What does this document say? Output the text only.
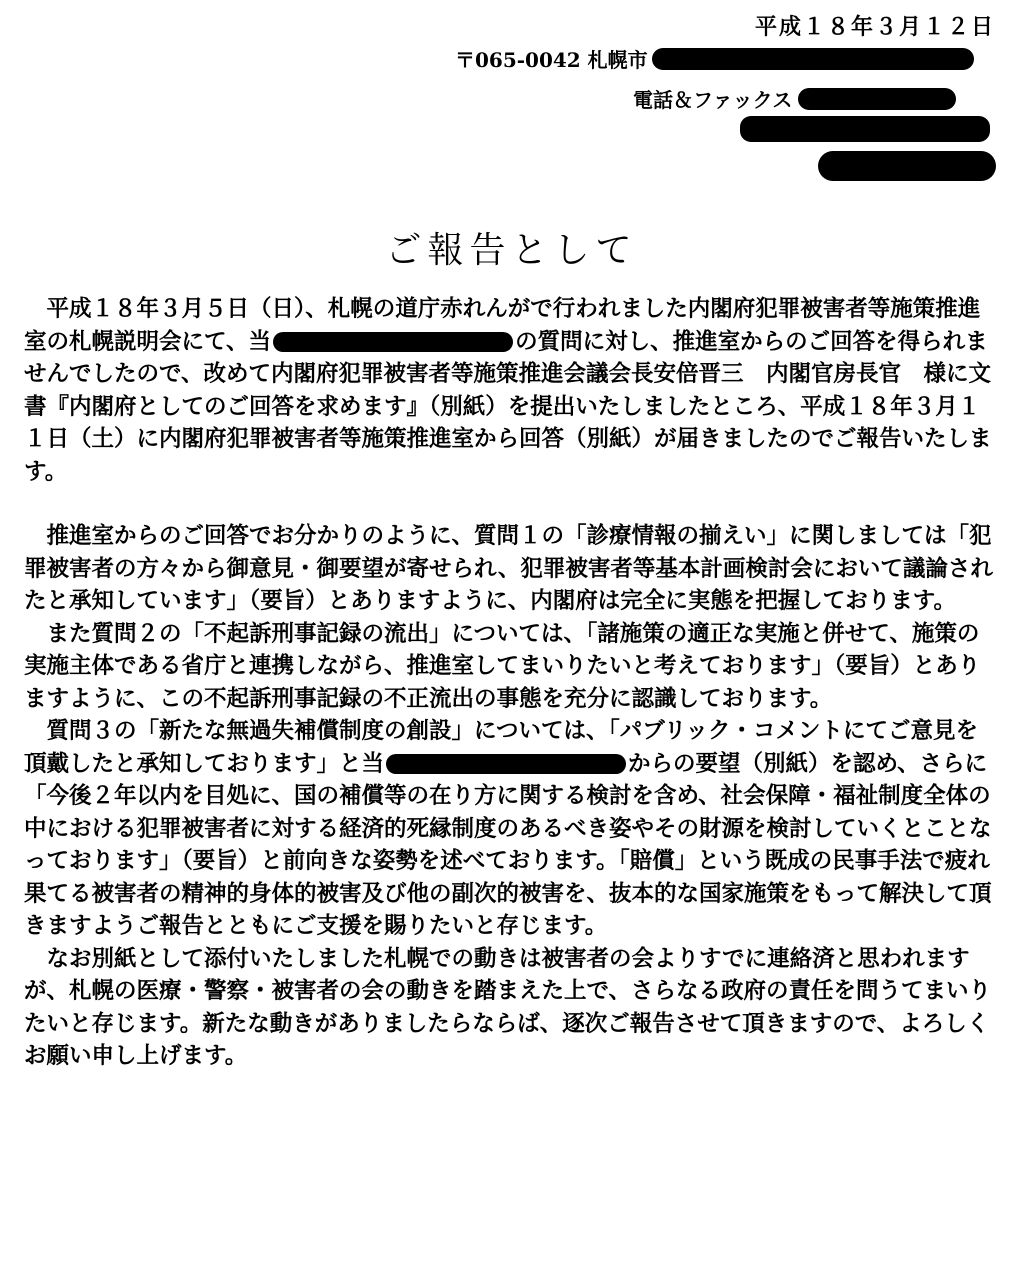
平成１８年３月１２日
〒065-0042 札幌市
電話＆ファックス
ご報告として

平成１８年３月５日（日）、札幌の道庁赤れんがで行われました内閣府犯罪被害者等施策推進室の札幌説明会にて、当	の質問に対し、推進室からのご回答を得られませんでしたので、改めて内閣府犯罪被害者等施策推進会議会長安倍晋三　内閣官房長官　様に文書『内閣府としてのご回答を求めます』（別紙）を提出いたしましたところ、平成１８年３月１１日（土）に内閣府犯罪被害者等施策推進室から回答（別紙）が届きましたのでご報告いたします。

推進室からのご回答でお分かりのように、質問１の「診療情報の揃えい」に関しましては「犯罪被害者の方々から御意見・御要望が寄せられ、犯罪被害者等基本計画検討会において議論されたと承知しています」（要旨）とありますように、内閣府は完全に実態を把握しております。

また質問２の「不起訴刑事記録の流出」については、「諸施策の適正な実施と併せて、施策の実施主体である省庁と連携しながら、推進室してまいりたいと考えております」（要旨）とありますように、この不起訴刑事記録の不正流出の事態を充分に認識しております。

質問３の「新たな無過失補償制度の創設」については、「パブリック・コメントにてご意見を頂戴したと承知しております」と当	からの要望（別紙）を認め、さらに「今後２年以内を目処に、国の補償等の在り方に関する検討を含め、社会保障・福祉制度全体の中における犯罪被害者に対する経済的死縁制度のあるべき姿やその財源を検討していくとことなっております」（要旨）と前向きな姿勢を述べております。「賠償」という既成の民事手法で疲れ果てる被害者の精神的身体的被害及び他の副次的被害を、抜本的な国家施策をもって解決して頂きますようご報告とともにご支援を賜りたいと存じます。

なお別紙として添付いたしました札幌での動きは被害者の会よりすでに連絡済と思われますが、札幌の医療・警察・被害者の会の動きを踏まえた上で、さらなる政府の責任を問うてまいりたいと存じます。新たな動きがありましたらならば、逐次ご報告させて頂きますので、よろしくお願い申し上げます。
